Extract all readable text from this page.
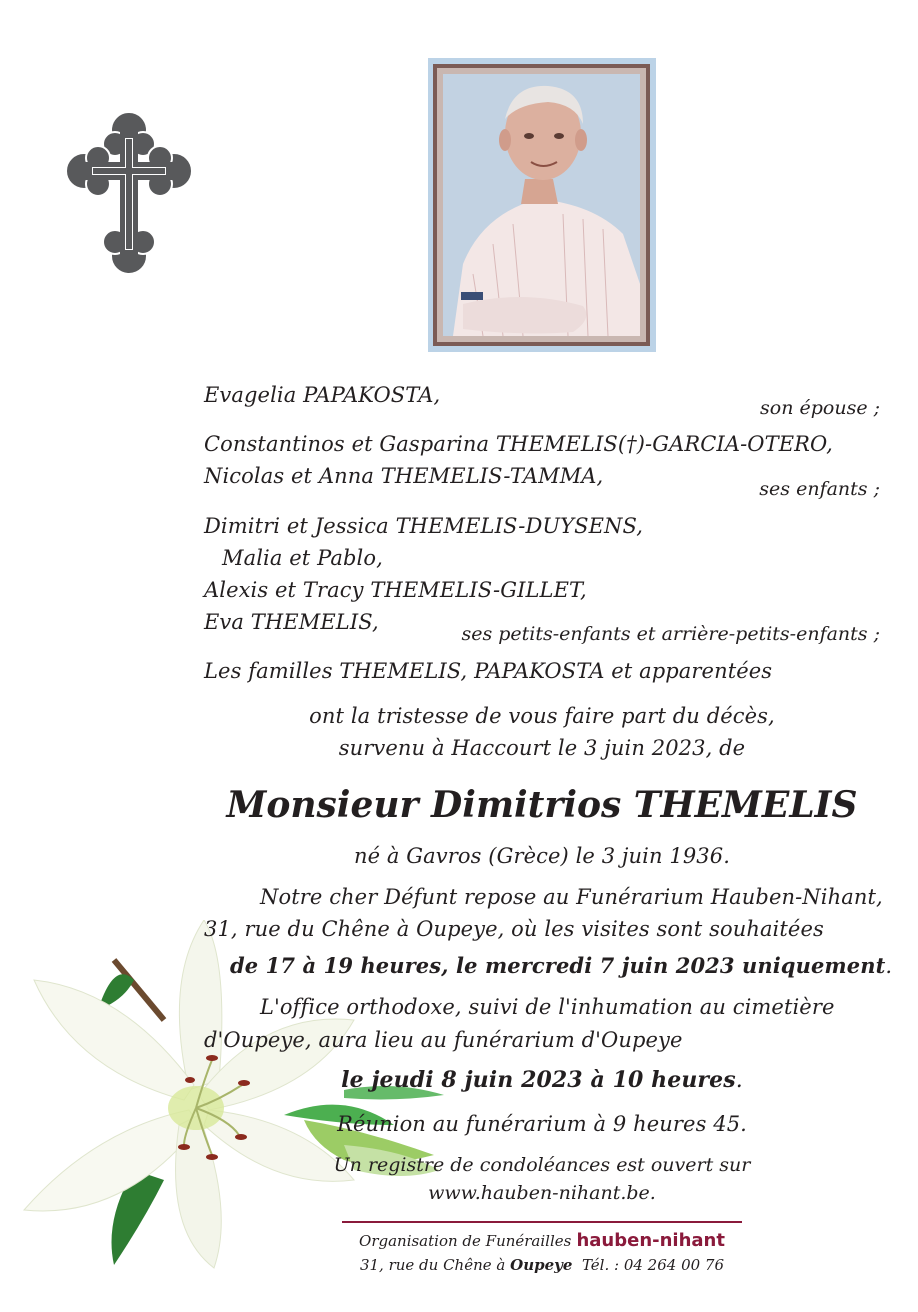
Evagelia PAPAKOSTA,
son épouse ;
Constantinos et Gasparina THEMELIS(†)-GARCIA-OTERO,
Nicolas et Anna THEMELIS-TAMMA,
ses enfants ;
Dimitri et Jessica THEMELIS-DUYSENS,
Malia et Pablo,
Alexis et Tracy THEMELIS-GILLET,
Eva THEMELIS,	ses petits-enfants et arrière-petits-enfants ;
Les familles THEMELIS, PAPAKOSTA et apparentées
ont la tristesse de vous faire part du décès,
survenu à Haccourt le 3 juin 2023, de
Monsieur Dimitrios THEMELIS
né à Gavros (Grèce) le 3 juin 1936.
Notre cher Défunt repose au Funérarium Hauben-Nihant,
31, rue du Chêne à Oupeye, où les visites sont souhaitées
de 17 à 19 heures, le mercredi 7 juin 2023 uniquement.
L'office orthodoxe, suivi de l'inhumation au cimetière
d'Oupeye, aura lieu au funérarium d'Oupeye
le jeudi 8 juin 2023 à 10 heures.
Réunion au funérarium à 9 heures 45.
Un registre de condoléances est ouvert sur
www.hauben-nihant.be.
Organisation de Funérailles hauben-nihant
31, rue du Chêne à Oupeye Tél. : 04 264 00 76
